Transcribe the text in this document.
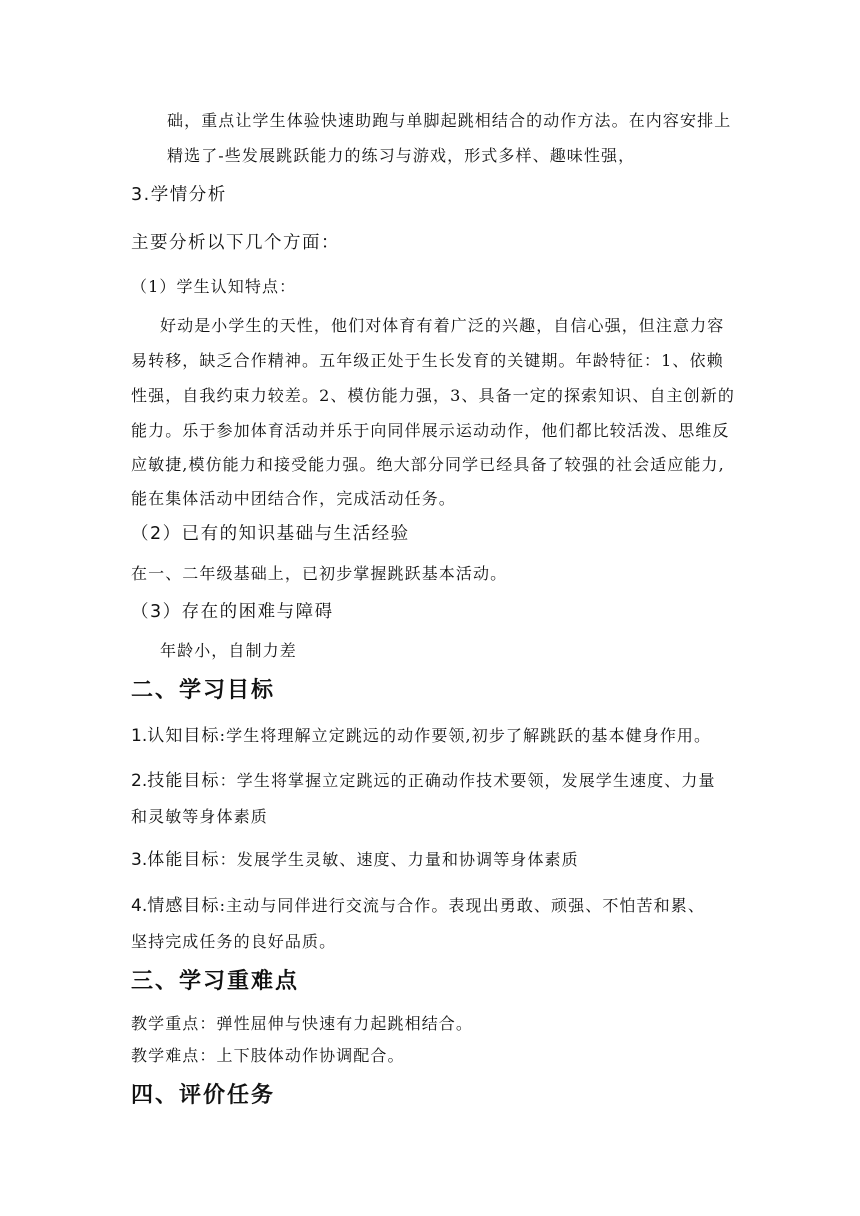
础，重点让学生体验快速助跑与单脚起跳相结合的动作方法。在内容安排上
精选了-些发展跳跃能力的练习与游戏，形式多样、趣味性强，
3.学情分析
主要分析以下几个方面：
（1）学生认知特点：
好动是小学生的天性，他们对体育有着广泛的兴趣，自信心强，但注意力容
易转移，缺乏合作精神。五年级正处于生长发育的关键期。年龄特征：1、依赖
性强，自我约束力较差。2、模仿能力强，3、具备一定的探索知识、自主创新的
能力。乐于参加体育活动并乐于向同伴展示运动动作，他们都比较活泼、思维反
应敏捷,模仿能力和接受能力强。绝大部分同学已经具备了较强的社会适应能力,
能在集体活动中团结合作，完成活动任务。
（2）已有的知识基础与生活经验
在一、二年级基础上，已初步掌握跳跃基本活动。
（3）存在的困难与障碍
年龄小，自制力差
二、学习目标
1.认知目标:学生将理解立定跳远的动作要领,初步了解跳跃的基本健身作用。
2.技能目标：学生将掌握立定跳远的正确动作技术要领，发展学生速度、力量
和灵敏等身体素质
3.体能目标：发展学生灵敏、速度、力量和协调等身体素质
4.情感目标:主动与同伴进行交流与合作。表现出勇敢、顽强、不怕苦和累、
坚持完成任务的良好品质。
三、学习重难点
教学重点：弹性屈伸与快速有力起跳相结合。
教学难点：上下肢体动作协调配合。
四、评价任务
